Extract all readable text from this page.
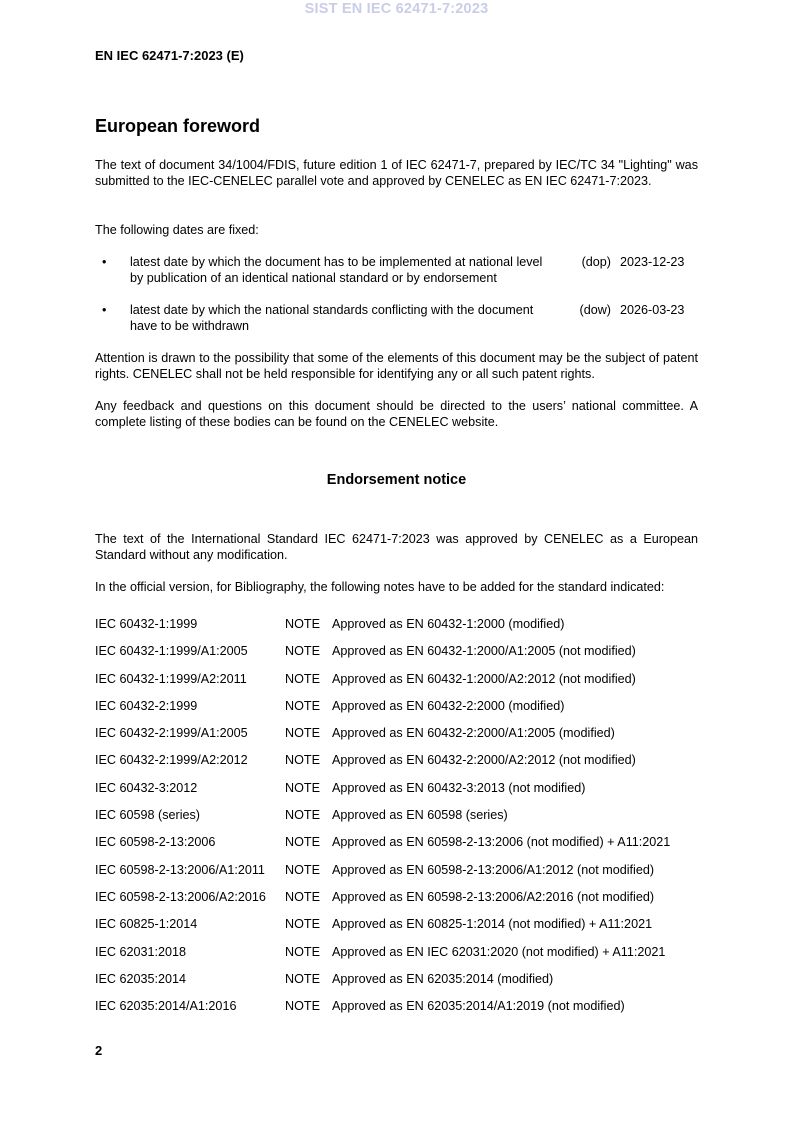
SIST EN IEC 62471-7:2023
EN IEC 62471-7:2023 (E)
European foreword
The text of document 34/1004/FDIS, future edition 1 of IEC 62471-7, prepared by IEC/TC 34 "Lighting" was submitted to the IEC-CENELEC parallel vote and approved by CENELEC as EN IEC 62471-7:2023.
The following dates are fixed:
• latest date by which the document has to be implemented at national level by publication of an identical national standard or by endorsement
(dop) 2023-12-23
• latest date by which the national standards conflicting with the document have to be withdrawn
(dow) 2026-03-23
Attention is drawn to the possibility that some of the elements of this document may be the subject of patent rights. CENELEC shall not be held responsible for identifying any or all such patent rights.
Any feedback and questions on this document should be directed to the users’ national committee. A complete listing of these bodies can be found on the CENELEC website.
Endorsement notice
The text of the International Standard IEC 62471-7:2023 was approved by CENELEC as a European Standard without any modification.
In the official version, for Bibliography, the following notes have to be added for the standard indicated:
IEC 60432-1:1999	NOTE Approved as EN 60432-1:2000 (modified)
IEC 60432-1:1999/A1:2005	NOTE Approved as EN 60432-1:2000/A1:2005 (not modified)
IEC 60432-1:1999/A2:2011	NOTE Approved as EN 60432-1:2000/A2:2012 (not modified)
IEC 60432-2:1999	NOTE Approved as EN 60432-2:2000 (modified)
IEC 60432-2:1999/A1:2005	NOTE Approved as EN 60432-2:2000/A1:2005 (modified)
IEC 60432-2:1999/A2:2012	NOTE Approved as EN 60432-2:2000/A2:2012 (not modified)
IEC 60432-3:2012	NOTE Approved as EN 60432-3:2013 (not modified)
IEC 60598 (series)	NOTE Approved as EN 60598 (series)
IEC 60598-2-13:2006	NOTE Approved as EN 60598-2-13:2006 (not modified) + A11:2021
IEC 60598-2-13:2006/A1:2011 NOTE Approved as EN 60598-2-13:2006/A1:2012 (not modified)
IEC 60598-2-13:2006/A2:2016 NOTE Approved as EN 60598-2-13:2006/A2:2016 (not modified)
IEC 60825-1:2014	NOTE Approved as EN 60825-1:2014 (not modified) + A11:2021
IEC 62031:2018	NOTE Approved as EN IEC 62031:2020 (not modified) + A11:2021
IEC 62035:2014	NOTE Approved as EN 62035:2014 (modified)
IEC 62035:2014/A1:2016	NOTE Approved as EN 62035:2014/A1:2019 (not modified)
2
